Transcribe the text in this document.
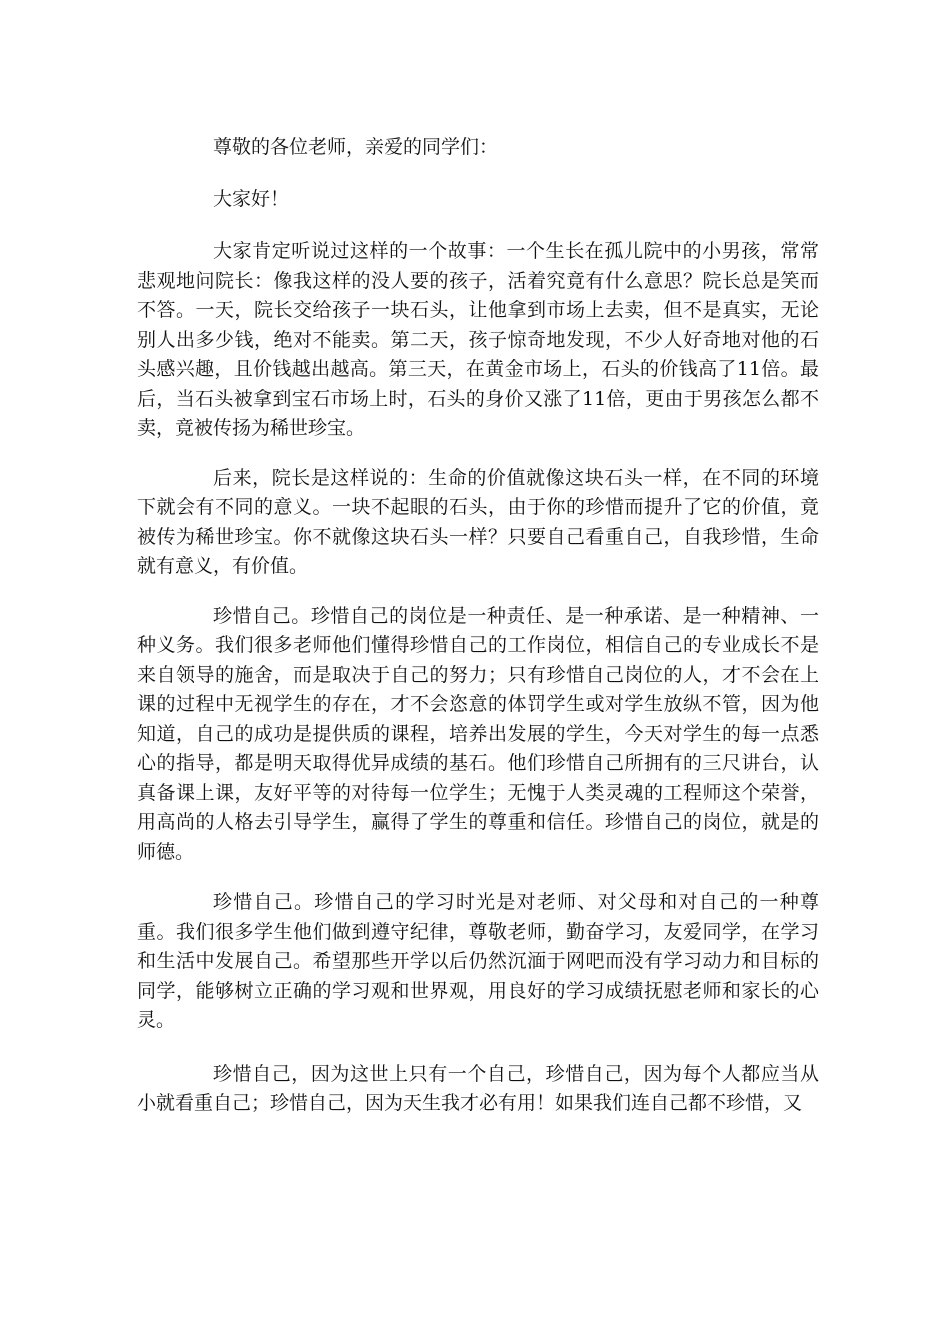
尊敬的各位老师，亲爱的同学们：

大家好！

大家肯定听说过这样的一个故事：一个生长在孤儿院中的小男孩，常常悲观地问院长：像我这样的没人要的孩子，活着究竟有什么意思？院长总是笑而不答。一天，院长交给孩子一块石头，让他拿到市场上去卖，但不是真实，无论别人出多少钱，绝对不能卖。第二天，孩子惊奇地发现，不少人好奇地对他的石头感兴趣，且价钱越出越高。第三天，在黄金市场上，石头的价钱高了11倍。最后，当石头被拿到宝石市场上时，石头的身价又涨了11倍，更由于男孩怎么都不卖，竟被传扬为稀世珍宝。

后来，院长是这样说的：生命的价值就像这块石头一样，在不同的环境下就会有不同的意义。一块不起眼的石头，由于你的珍惜而提升了它的价值，竟被传为稀世珍宝。你不就像这块石头一样？只要自己看重自己，自我珍惜，生命就有意义，有价值。

珍惜自己。珍惜自己的岗位是一种责任、是一种承诺、是一种精神、一种义务。我们很多老师他们懂得珍惜自己的工作岗位，相信自己的专业成长不是来自领导的施舍，而是取决于自己的努力；只有珍惜自己岗位的人，才不会在上课的过程中无视学生的存在，才不会恣意的体罚学生或对学生放纵不管，因为他知道，自己的成功是提供质的课程，培养出发展的学生，今天对学生的每一点悉心的指导，都是明天取得优异成绩的基石。他们珍惜自己所拥有的三尺讲台，认真备课上课，友好平等的对待每一位学生；无愧于人类灵魂的工程师这个荣誉，用高尚的人格去引导学生，赢得了学生的尊重和信任。珍惜自己的岗位，就是的师德。

珍惜自己。珍惜自己的学习时光是对老师、对父母和对自己的一种尊重。我们很多学生他们做到遵守纪律，尊敬老师，勤奋学习，友爱同学，在学习和生活中发展自己。希望那些开学以后仍然沉湎于网吧而没有学习动力和目标的同学，能够树立正确的学习观和世界观，用良好的学习成绩抚慰老师和家长的心灵。

珍惜自己，因为这世上只有一个自己，珍惜自己，因为每个人都应当从小就看重自己；珍惜自己，因为天生我才必有用！如果我们连自己都不珍惜，又
